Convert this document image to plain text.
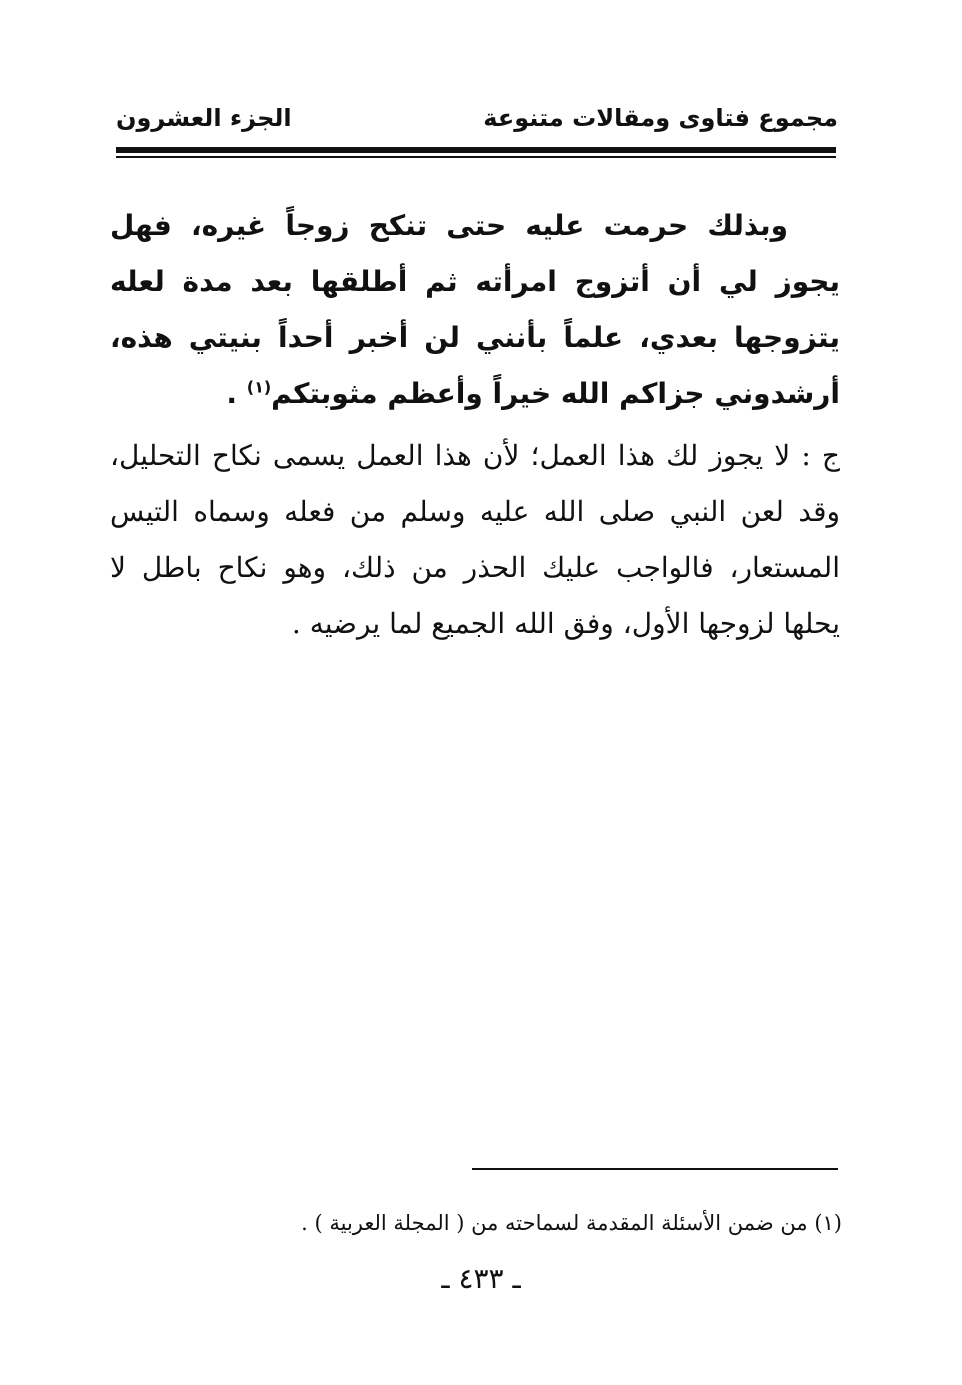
مجموع فتاوى ومقالات متنوعة
الجزء العشرون

وبذلك حرمت عليه حتى تنكح زوجاً غيره، فهل يجوز لي أن أتزوج امرأته ثم أطلقها بعد مدة لعله يتزوجها بعدي، علماً بأنني لن أخبر أحداً بنيتي هذه، أرشدوني جزاكم الله خيراً وأعظم مثوبتكم$^{(١)}$ .

ج : لا يجوز لك هذا العمل؛ لأن هذا العمل يسمى نكاح التحليل، وقد لعن النبي صلى الله عليه وسلم من فعله وسماه التيس المستعار، فالواجب عليك الحذر من ذلك، وهو نكاح باطل لا يحلها لزوجها الأول، وفق الله الجميع لما يرضيه .

(١) من ضمن الأسئلة المقدمة لسماحته من ( المجلة العربية ) .
ـ ٤٣٣ ـ
